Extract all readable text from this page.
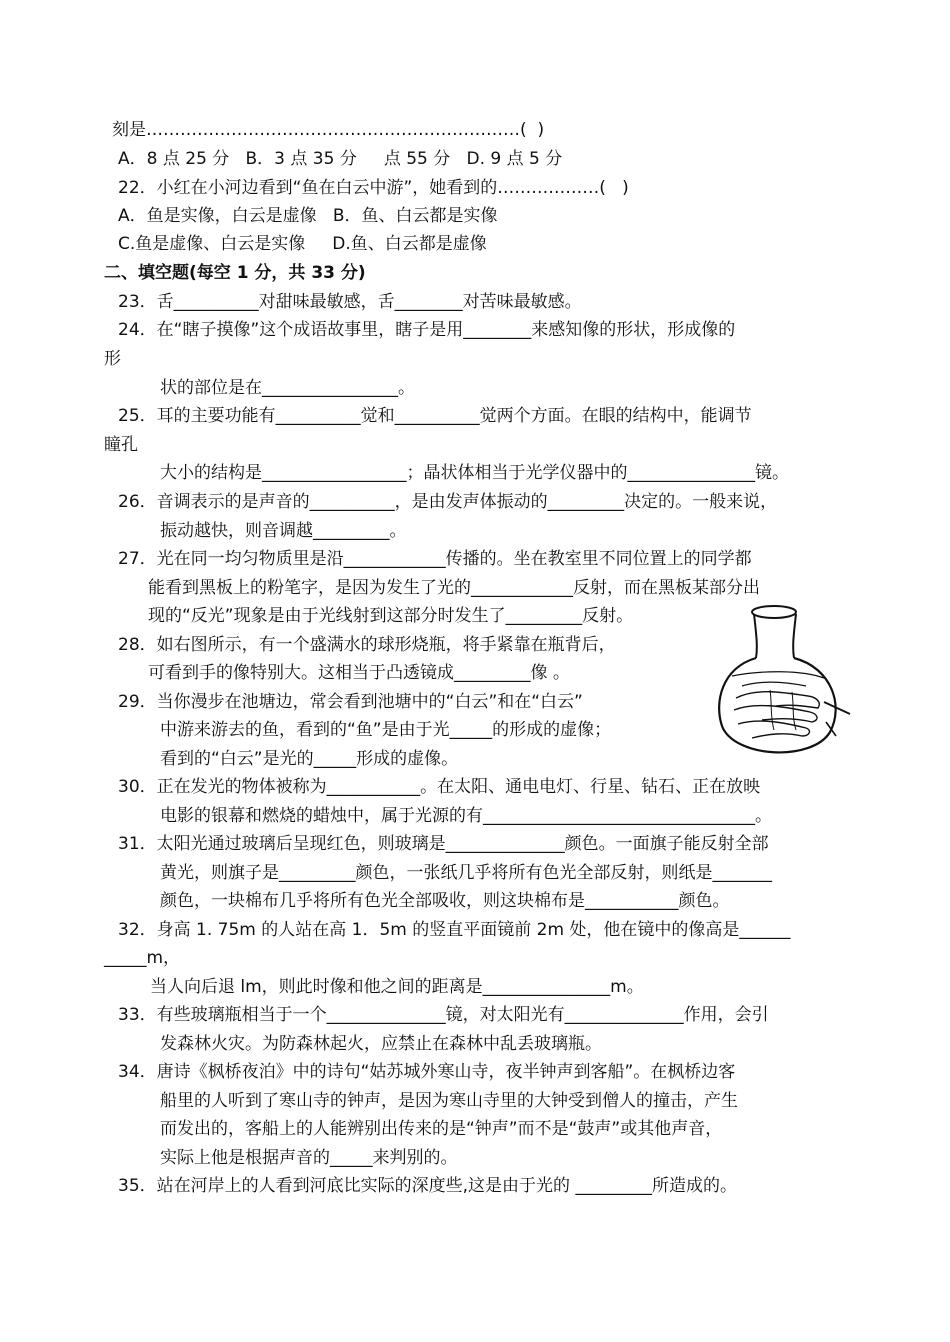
刻是…………………………………………………………(  )
A．8 点 25 分   B．3 点 35 分     点 55 分   D. 9 点 5 分
22．小红在小河边看到“鱼在白云中游”，她看到的………………(   )
A．鱼是实像，白云是虚像   B．鱼、白云都是实像
C.鱼是虚像、白云是实像     D.鱼、白云都是虚像
二、填空题(每空 1 分，共 33 分)
23．舌__________对甜味最敏感，舌________对苦味最敏感。
24．在“瞎子摸像”这个成语故事里，瞎子是用________来感知像的形状，形成像的
形
状的部位是在________________。
25．耳的主要功能有__________觉和__________觉两个方面。在眼的结构中，能调节
瞳孔
大小的结构是_________________；晶状体相当于光学仪器中的_______________镜。
26．音调表示的是声音的__________，是由发声体振动的_________决定的。一般来说，
振动越快，则音调越_________。
27．光在同一均匀物质里是沿____________传播的。坐在教室里不同位置上的同学都
能看到黑板上的粉笔字，是因为发生了光的____________反射，而在黑板某部分出
现的“反光”现象是由于光线射到这部分时发生了_________反射。
28．如右图所示，有一个盛满水的球形烧瓶，将手紧靠在瓶背后，
可看到手的像特别大。这相当于凸透镜成_________像 。
29．当你漫步在池塘边，常会看到池塘中的“白云”和在“白云”
中游来游去的鱼，看到的“鱼”是由于光_____的形成的虚像；
看到的“白云”是光的_____形成的虚像。
30．正在发光的物体被称为___________。在太阳、通电电灯、行星、钻石、正在放映
电影的银幕和燃烧的蜡烛中，属于光源的有________________________________。
31．太阳光通过玻璃后呈现红色，则玻璃是______________颜色。一面旗子能反射全部
黄光，则旗子是_________颜色，一张纸几乎将所有色光全部反射，则纸是_______
颜色，一块棉布几乎将所有色光全部吸收，则这块棉布是___________颜色。
32．身高 1. 75m 的人站在高 1．5m 的竖直平面镜前 2m 处，他在镜中的像高是______
_____m，
当人向后退 lm，则此时像和他之间的距离是_______________m。
33．有些玻璃瓶相当于一个______________镜，对太阳光有______________作用，会引
发森林火灾。为防森林起火，应禁止在森林中乱丢玻璃瓶。
34．唐诗《枫桥夜泊》中的诗句“姑苏城外寒山寺，夜半钟声到客船”。在枫桥边客
船里的人听到了寒山寺的钟声，是因为寒山寺里的大钟受到僧人的撞击，产生
而发出的，客船上的人能辨别出传来的是“钟声”而不是“鼓声”或其他声音，
实际上他是根据声音的_____来判别的。
35．站在河岸上的人看到河底比实际的深度些,这是由于光的 _________所造成的。
